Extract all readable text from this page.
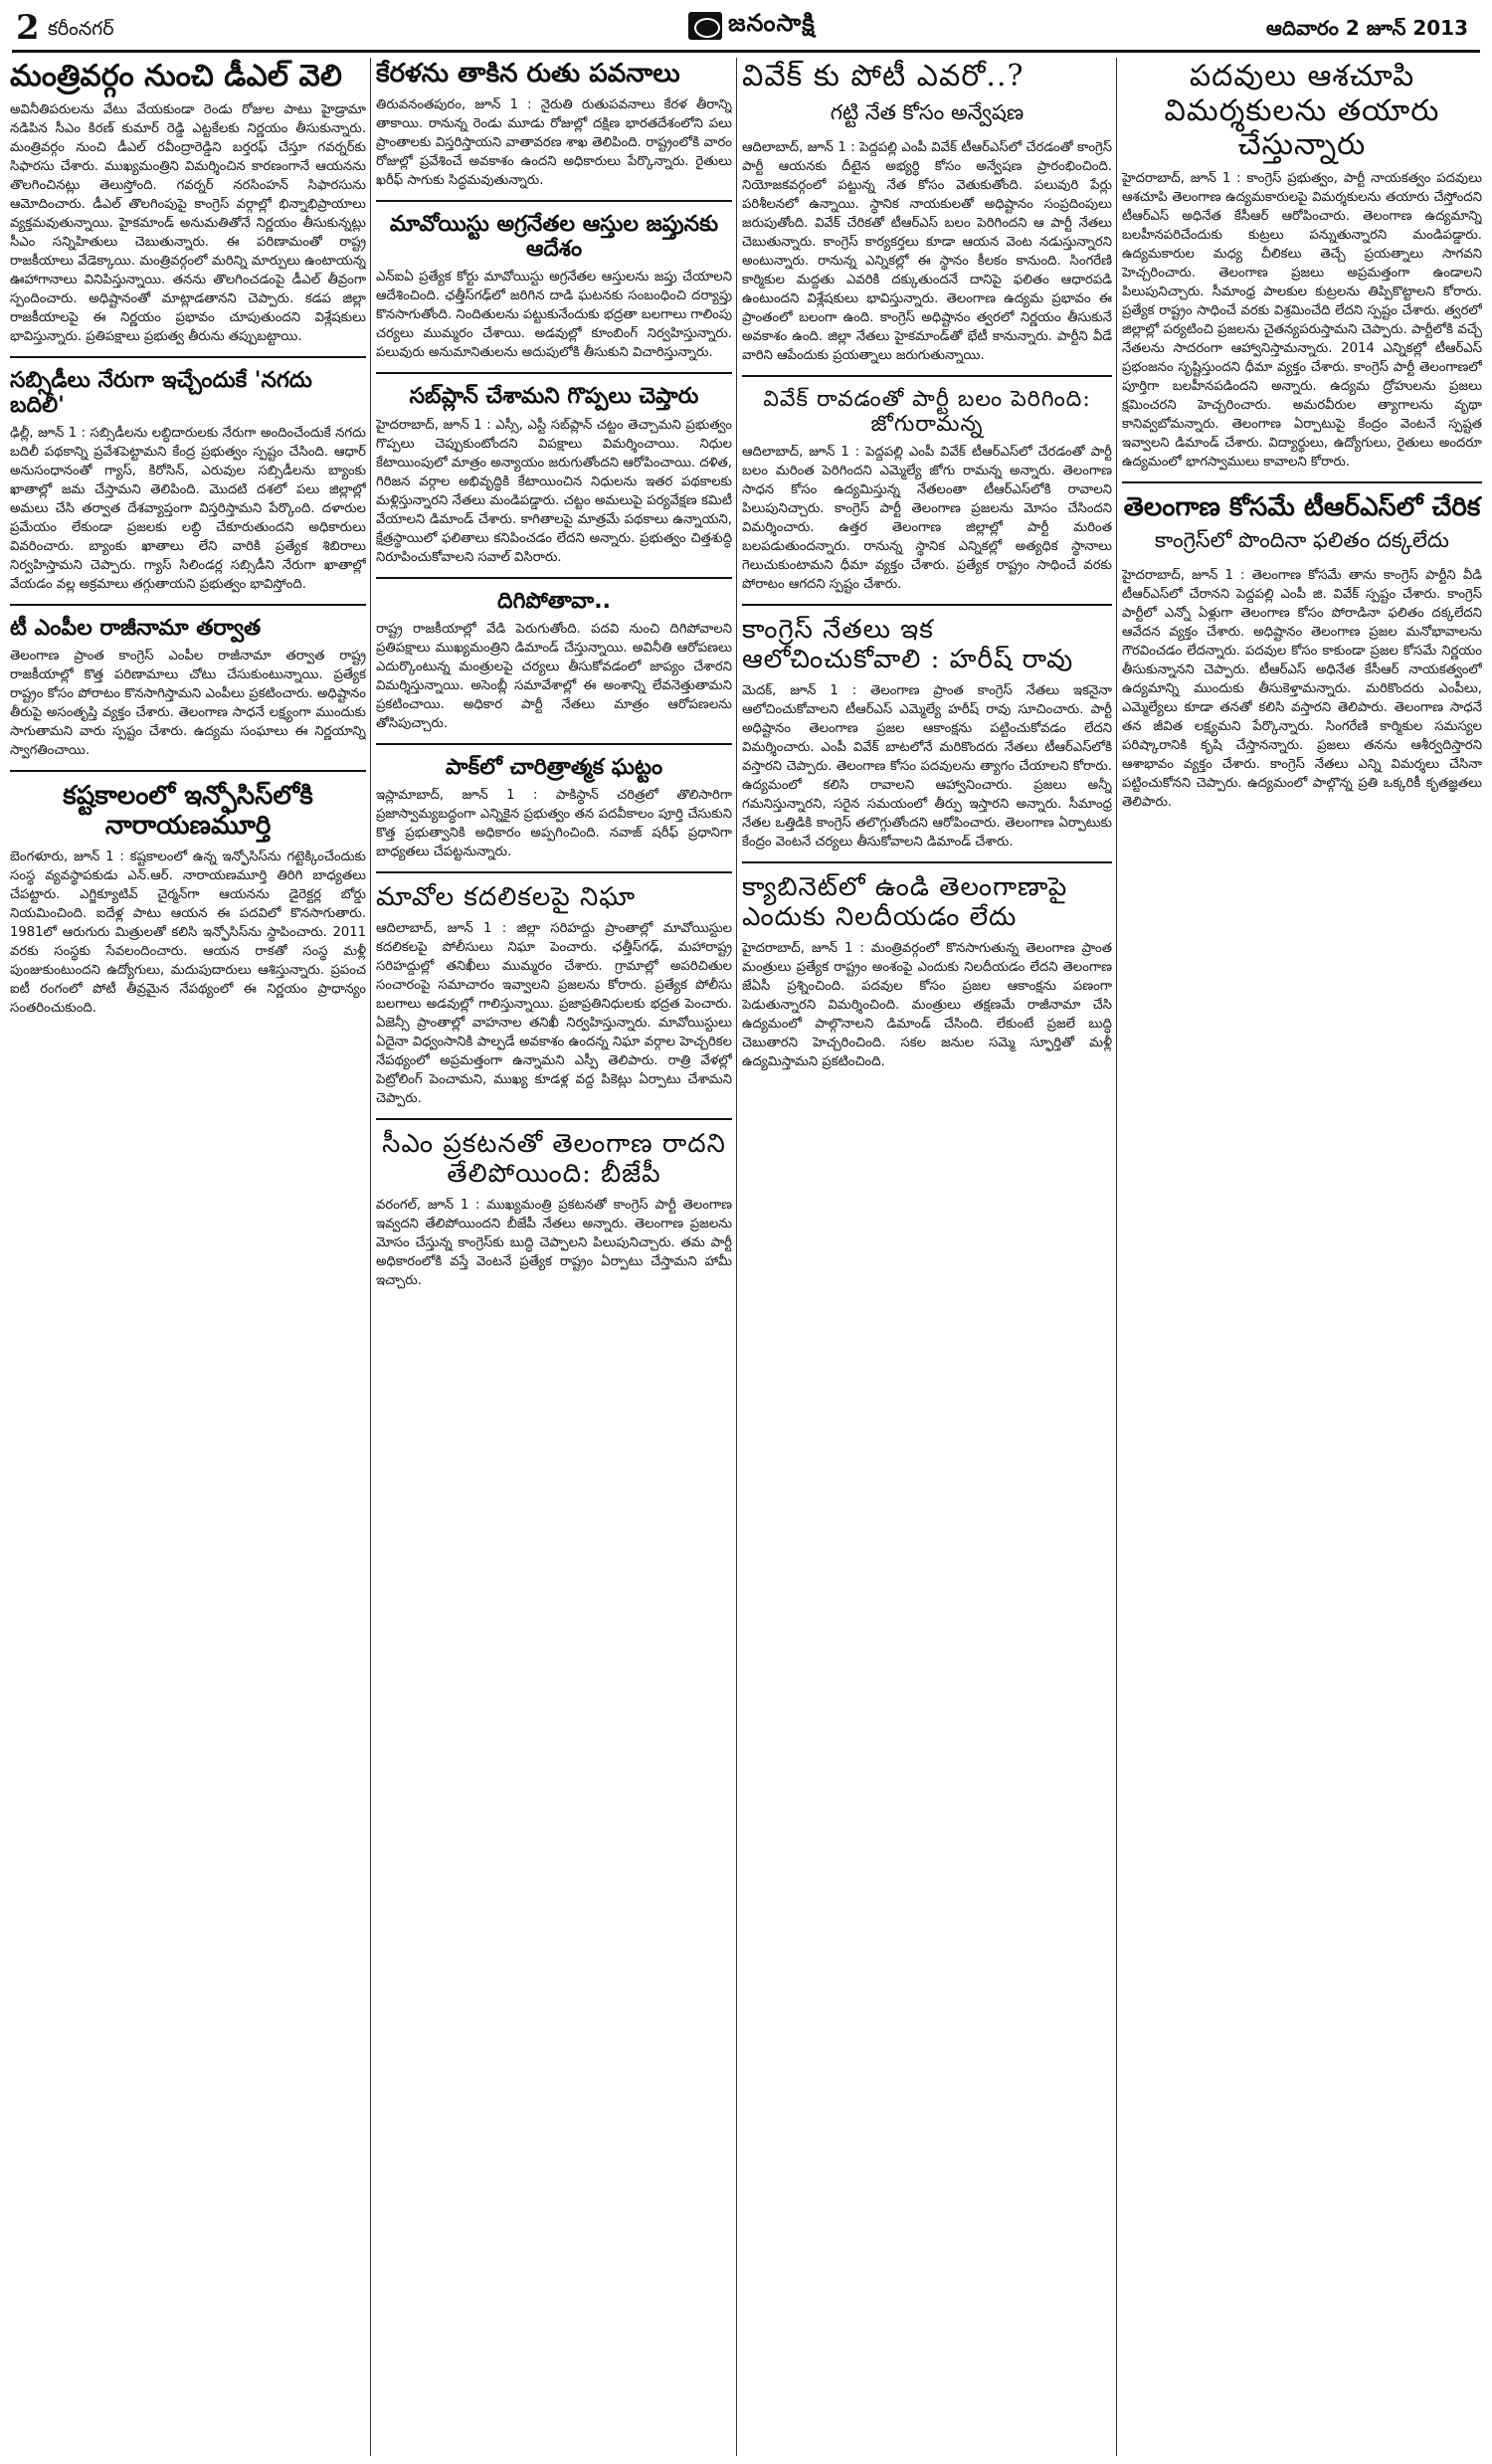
2 కరీంనగర్	జనంసాక్షి	ఆదివారం 2 జూన్ 2013
మంత్రివర్గం నుంచి డీఎల్ వెలి

అవినీతిపరులను వేటు వేయకుండా రెండు రోజుల పాటు హైడ్రామా నడిపిన సీఎం కిరణ్ కుమార్ రెడ్డి ఎట్టకేలకు నిర్ణయం తీసుకున్నారు. మంత్రివర్గం నుంచి డీఎల్ రవీంద్రారెడ్డిని బర్తరఫ్ చేస్తూ గవర్నర్‌కు సిఫారసు చేశారు. ముఖ్యమంత్రిని విమర్శించిన కారణంగానే ఆయనను తొలగించినట్లు తెలుస్తోంది. గవర్నర్ నరసింహన్ సిఫారసును ఆమోదించారు. డీఎల్ తొలగింపుపై కాంగ్రెస్ వర్గాల్లో భిన్నాభిప్రాయాలు వ్యక్తమవుతున్నాయి. హైకమాండ్ అనుమతితోనే నిర్ణయం తీసుకున్నట్లు సీఎం సన్నిహితులు చెబుతున్నారు. ఈ పరిణామంతో రాష్ట్ర రాజకీయాలు వేడెక్కాయి. మంత్రివర్గంలో మరిన్ని మార్పులు ఉంటాయన్న ఊహాగానాలు వినిపిస్తున్నాయి. తనను తొలగించడంపై డీఎల్ తీవ్రంగా స్పందించారు. అధిష్టానంతో మాట్లాడతానని చెప్పారు. కడప జిల్లా రాజకీయాలపై ఈ నిర్ణయం ప్రభావం చూపుతుందని విశ్లేషకులు భావిస్తున్నారు. ప్రతిపక్షాలు ప్రభుత్వ తీరును తప్పుబట్టాయి.

సబ్సిడీలు నేరుగా ఇచ్చేందుకే 'నగదు బదిలీ'

ఢిల్లీ, జూన్ 1 : సబ్సిడీలను లబ్ధిదారులకు నేరుగా అందించేందుకే నగదు బదిలీ పథకాన్ని ప్రవేశపెట్టామని కేంద్ర ప్రభుత్వం స్పష్టం చేసింది. ఆధార్ అనుసంధానంతో గ్యాస్, కిరోసిన్, ఎరువుల సబ్సిడీలను బ్యాంకు ఖాతాల్లో జమ చేస్తామని తెలిపింది. మొదటి దశలో పలు జిల్లాల్లో అమలు చేసి తర్వాత దేశవ్యాప్తంగా విస్తరిస్తామని పేర్కొంది. దళారుల ప్రమేయం లేకుండా ప్రజలకు లబ్ధి చేకూరుతుందని అధికారులు వివరించారు. బ్యాంకు ఖాతాలు లేని వారికి ప్రత్యేక శిబిరాలు నిర్వహిస్తామని చెప్పారు. గ్యాస్ సిలిండర్ల సబ్సిడీని నేరుగా ఖాతాల్లో వేయడం వల్ల అక్రమాలు తగ్గుతాయని ప్రభుత్వం భావిస్తోంది.

టీ ఎంపీల రాజీనామా తర్వాత

తెలంగాణ ప్రాంత కాంగ్రెస్ ఎంపీల రాజీనామా తర్వాత రాష్ట్ర రాజకీయాల్లో కొత్త పరిణామాలు చోటు చేసుకుంటున్నాయి. ప్రత్యేక రాష్ట్రం కోసం పోరాటం కొనసాగిస్తామని ఎంపీలు ప్రకటించారు. అధిష్టానం తీరుపై అసంతృప్తి వ్యక్తం చేశారు. తెలంగాణ సాధనే లక్ష్యంగా ముందుకు సాగుతామని వారు స్పష్టం చేశారు. ఉద్యమ సంఘాలు ఈ నిర్ణయాన్ని స్వాగతించాయి.

కష్టకాలంలో ఇన్ఫోసిస్‌లోకి నారాయణమూర్తి

బెంగళూరు, జూన్ 1 : కష్టకాలంలో ఉన్న ఇన్ఫోసిస్‌ను గట్టెక్కించేందుకు సంస్థ వ్యవస్థాపకుడు ఎన్.ఆర్. నారాయణమూర్తి తిరిగి బాధ్యతలు చేపట్టారు. ఎగ్జిక్యూటివ్ చైర్మన్‌గా ఆయనను డైరెక్టర్ల బోర్డు నియమించింది. ఐదేళ్ల పాటు ఆయన ఈ పదవిలో కొనసాగుతారు. 1981లో ఆరుగురు మిత్రులతో కలిసి ఇన్ఫోసిస్‌ను స్థాపించారు. 2011 వరకు సంస్థకు సేవలందించారు. ఆయన రాకతో సంస్థ మళ్లీ పుంజుకుంటుందని ఉద్యోగులు, మదుపుదారులు ఆశిస్తున్నారు. ప్రపంచ ఐటీ రంగంలో పోటీ తీవ్రమైన నేపథ్యంలో ఈ నిర్ణయం ప్రాధాన్యం సంతరించుకుంది.

కేరళను తాకిన రుతు పవనాలు

తిరువనంతపురం, జూన్ 1 : నైరుతి రుతుపవనాలు కేరళ తీరాన్ని తాకాయి. రానున్న రెండు మూడు రోజుల్లో దక్షిణ భారతదేశంలోని పలు ప్రాంతాలకు విస్తరిస్తాయని వాతావరణ శాఖ తెలిపింది. రాష్ట్రంలోకి వారం రోజుల్లో ప్రవేశించే అవకాశం ఉందని అధికారులు పేర్కొన్నారు. రైతులు ఖరీఫ్ సాగుకు సిద్ధమవుతున్నారు.

మావోయిస్టు అగ్రనేతల ఆస్తుల జప్తునకు ఆదేశం

ఎన్ఐఏ ప్రత్యేక కోర్టు మావోయిస్టు అగ్రనేతల ఆస్తులను జప్తు చేయాలని ఆదేశించింది. ఛత్తీస్‌గఢ్‌లో జరిగిన దాడి ఘటనకు సంబంధించి దర్యాప్తు కొనసాగుతోంది. నిందితులను పట్టుకునేందుకు భద్రతా బలగాలు గాలింపు చర్యలు ముమ్మరం చేశాయి. అడవుల్లో కూంబింగ్ నిర్వహిస్తున్నారు. పలువురు అనుమానితులను అదుపులోకి తీసుకుని విచారిస్తున్నారు.

సబ్‌ప్లాన్ చేశామని గొప్పలు చెప్తారు

హైదరాబాద్, జూన్ 1 : ఎస్సీ, ఎస్టీ సబ్‌ప్లాన్ చట్టం తెచ్చామని ప్రభుత్వం గొప్పలు చెప్పుకుంటోందని విపక్షాలు విమర్శించాయి. నిధుల కేటాయింపులో మాత్రం అన్యాయం జరుగుతోందని ఆరోపించాయి. దళిత, గిరిజన వర్గాల అభివృద్ధికి కేటాయించిన నిధులను ఇతర పథకాలకు మళ్లిస్తున్నారని నేతలు మండిపడ్డారు. చట్టం అమలుపై పర్యవేక్షణ కమిటీ వేయాలని డిమాండ్ చేశారు. కాగితాలపై మాత్రమే పథకాలు ఉన్నాయని, క్షేత్రస్థాయిలో ఫలితాలు కనిపించడం లేదని అన్నారు. ప్రభుత్వం చిత్తశుద్ధి నిరూపించుకోవాలని సవాల్ విసిరారు.

దిగిపోతావా..

రాష్ట్ర రాజకీయాల్లో వేడి పెరుగుతోంది. పదవి నుంచి దిగిపోవాలని ప్రతిపక్షాలు ముఖ్యమంత్రిని డిమాండ్ చేస్తున్నాయి. అవినీతి ఆరోపణలు ఎదుర్కొంటున్న మంత్రులపై చర్యలు తీసుకోవడంలో జాప్యం చేశారని విమర్శిస్తున్నాయి. అసెంబ్లీ సమావేశాల్లో ఈ అంశాన్ని లేవనెత్తుతామని ప్రకటించాయి. అధికార పార్టీ నేతలు మాత్రం ఆరోపణలను తోసిపుచ్చారు.

పాక్‌లో చారిత్రాత్మక ఘట్టం

ఇస్లామాబాద్, జూన్ 1 : పాకిస్థాన్ చరిత్రలో తొలిసారిగా ప్రజాస్వామ్యబద్ధంగా ఎన్నికైన ప్రభుత్వం తన పదవీకాలం పూర్తి చేసుకుని కొత్త ప్రభుత్వానికి అధికారం అప్పగించింది. నవాజ్ షరీఫ్ ప్రధానిగా బాధ్యతలు చేపట్టనున్నారు.

మావోల కదలికలపై నిఘా

ఆదిలాబాద్, జూన్ 1 : జిల్లా సరిహద్దు ప్రాంతాల్లో మావోయిస్టుల కదలికలపై పోలీసులు నిఘా పెంచారు. ఛత్తీస్‌గఢ్, మహారాష్ట్ర సరిహద్దుల్లో తనిఖీలు ముమ్మరం చేశారు. గ్రామాల్లో అపరిచితుల సంచారంపై సమాచారం ఇవ్వాలని ప్రజలను కోరారు. ప్రత్యేక పోలీసు బలగాలు అడవుల్లో గాలిస్తున్నాయి. ప్రజాప్రతినిధులకు భద్రత పెంచారు. ఏజెన్సీ ప్రాంతాల్లో వాహనాల తనిఖీ నిర్వహిస్తున్నారు. మావోయిస్టులు ఏదైనా విధ్వంసానికి పాల్పడే అవకాశం ఉందన్న నిఘా వర్గాల హెచ్చరికల నేపథ్యంలో అప్రమత్తంగా ఉన్నామని ఎస్పీ తెలిపారు. రాత్రి వేళల్లో పెట్రోలింగ్ పెంచామని, ముఖ్య కూడళ్ల వద్ద పికెట్లు ఏర్పాటు చేశామని చెప్పారు.

సీఎం ప్రకటనతో తెలంగాణ రాదని తేలిపోయింది: బీజేపీ

వరంగల్, జూన్ 1 : ముఖ్యమంత్రి ప్రకటనతో కాంగ్రెస్ పార్టీ తెలంగాణ ఇవ్వదని తేలిపోయిందని బీజేపీ నేతలు అన్నారు. తెలంగాణ ప్రజలను మోసం చేస్తున్న కాంగ్రెస్‌కు బుద్ధి చెప్పాలని పిలుపునిచ్చారు. తమ పార్టీ అధికారంలోకి వస్తే వెంటనే ప్రత్యేక రాష్ట్రం ఏర్పాటు చేస్తామని హామీ ఇచ్చారు.

వివేక్ కు పోటీ ఎవరో..?

గట్టి నేత కోసం అన్వేషణ

ఆదిలాబాద్, జూన్ 1 : పెద్దపల్లి ఎంపీ వివేక్ టీఆర్‌ఎస్‌లో చేరడంతో కాంగ్రెస్ పార్టీ ఆయనకు దీటైన అభ్యర్థి కోసం అన్వేషణ ప్రారంభించింది. నియోజకవర్గంలో పట్టున్న నేత కోసం వెతుకుతోంది. పలువురి పేర్లు పరిశీలనలో ఉన్నాయి. స్థానిక నాయకులతో అధిష్టానం సంప్రదింపులు జరుపుతోంది. వివేక్ చేరికతో టీఆర్‌ఎస్ బలం పెరిగిందని ఆ పార్టీ నేతలు చెబుతున్నారు. కాంగ్రెస్ కార్యకర్తలు కూడా ఆయన వెంట నడుస్తున్నారని అంటున్నారు. రానున్న ఎన్నికల్లో ఈ స్థానం కీలకం కానుంది. సింగరేణి కార్మికుల మద్దతు ఎవరికి దక్కుతుందనే దానిపై ఫలితం ఆధారపడి ఉంటుందని విశ్లేషకులు భావిస్తున్నారు. తెలంగాణ ఉద్యమ ప్రభావం ఈ ప్రాంతంలో బలంగా ఉంది. కాంగ్రెస్ అధిష్టానం త్వరలో నిర్ణయం తీసుకునే అవకాశం ఉంది. జిల్లా నేతలు హైకమాండ్‌తో భేటీ కానున్నారు. పార్టీని వీడే వారిని ఆపేందుకు ప్రయత్నాలు జరుగుతున్నాయి.

వివేక్ రావడంతో పార్టీ బలం పెరిగింది: జోగురామన్న

ఆదిలాబాద్, జూన్ 1 : పెద్దపల్లి ఎంపీ వివేక్ టీఆర్‌ఎస్‌లో చేరడంతో పార్టీ బలం మరింత పెరిగిందని ఎమ్మెల్యే జోగు రామన్న అన్నారు. తెలంగాణ సాధన కోసం ఉద్యమిస్తున్న నేతలంతా టీఆర్‌ఎస్‌లోకి రావాలని పిలుపునిచ్చారు. కాంగ్రెస్ పార్టీ తెలంగాణ ప్రజలను మోసం చేసిందని విమర్శించారు. ఉత్తర తెలంగాణ జిల్లాల్లో పార్టీ మరింత బలపడుతుందన్నారు. రానున్న స్థానిక ఎన్నికల్లో అత్యధిక స్థానాలు గెలుచుకుంటామని ధీమా వ్యక్తం చేశారు. ప్రత్యేక రాష్ట్రం సాధించే వరకు పోరాటం ఆగదని స్పష్టం చేశారు.

కాంగ్రెస్ నేతలు ఇక ఆలోచించుకోవాలి : హరీష్ రావు

మెదక్, జూన్ 1 : తెలంగాణ ప్రాంత కాంగ్రెస్ నేతలు ఇకనైనా ఆలోచించుకోవాలని టీఆర్‌ఎస్ ఎమ్మెల్యే హరీష్ రావు సూచించారు. పార్టీ అధిష్టానం తెలంగాణ ప్రజల ఆకాంక్షను పట్టించుకోవడం లేదని విమర్శించారు. ఎంపీ వివేక్ బాటలోనే మరికొందరు నేతలు టీఆర్‌ఎస్‌లోకి వస్తారని చెప్పారు. తెలంగాణ కోసం పదవులను త్యాగం చేయాలని కోరారు. ఉద్యమంలో కలిసి రావాలని ఆహ్వానించారు. ప్రజలు అన్నీ గమనిస్తున్నారని, సరైన సమయంలో తీర్పు ఇస్తారని అన్నారు. సీమాంధ్ర నేతల ఒత్తిడికి కాంగ్రెస్ తలొగ్గుతోందని ఆరోపించారు. తెలంగాణ ఏర్పాటుకు కేంద్రం వెంటనే చర్యలు తీసుకోవాలని డిమాండ్ చేశారు.

క్యాబినెట్‌లో ఉండి తెలంగాణాపై ఎందుకు నిలదీయడం లేదు

హైదరాబాద్, జూన్ 1 : మంత్రివర్గంలో కొనసాగుతున్న తెలంగాణ ప్రాంత మంత్రులు ప్రత్యేక రాష్ట్రం అంశంపై ఎందుకు నిలదీయడం లేదని తెలంగాణ జేఏసీ ప్రశ్నించింది. పదవుల కోసం ప్రజల ఆకాంక్షను పణంగా పెడుతున్నారని విమర్శించింది. మంత్రులు తక్షణమే రాజీనామా చేసి ఉద్యమంలో పాల్గొనాలని డిమాండ్ చేసింది. లేకుంటే ప్రజలే బుద్ధి చెబుతారని హెచ్చరించింది. సకల జనుల సమ్మె స్ఫూర్తితో మళ్లీ ఉద్యమిస్తామని ప్రకటించింది.

పదవులు ఆశచూపి విమర్శకులను తయారు చేస్తున్నారు

హైదరాబాద్, జూన్ 1 : కాంగ్రెస్ ప్రభుత్వం, పార్టీ నాయకత్వం పదవులు ఆశచూపి తెలంగాణ ఉద్యమకారులపై విమర్శకులను తయారు చేస్తోందని టీఆర్‌ఎస్ అధినేత కేసీఆర్ ఆరోపించారు. తెలంగాణ ఉద్యమాన్ని బలహీనపరిచేందుకు కుట్రలు పన్నుతున్నారని మండిపడ్డారు. ఉద్యమకారుల మధ్య చీలికలు తెచ్చే ప్రయత్నాలు సాగవని హెచ్చరించారు. తెలంగాణ ప్రజలు అప్రమత్తంగా ఉండాలని పిలుపునిచ్చారు. సీమాంధ్ర పాలకుల కుట్రలను తిప్పికొట్టాలని కోరారు. ప్రత్యేక రాష్ట్రం సాధించే వరకు విశ్రమించేది లేదని స్పష్టం చేశారు. త్వరలో జిల్లాల్లో పర్యటించి ప్రజలను చైతన్యపరుస్తామని చెప్పారు. పార్టీలోకి వచ్చే నేతలను సాదరంగా ఆహ్వానిస్తామన్నారు. 2014 ఎన్నికల్లో టీఆర్‌ఎస్ ప్రభంజనం సృష్టిస్తుందని ధీమా వ్యక్తం చేశారు. కాంగ్రెస్ పార్టీ తెలంగాణలో పూర్తిగా బలహీనపడిందని అన్నారు. ఉద్యమ ద్రోహులను ప్రజలు క్షమించరని హెచ్చరించారు. అమరవీరుల త్యాగాలను వృథా కానివ్వబోమన్నారు. తెలంగాణ ఏర్పాటుపై కేంద్రం వెంటనే స్పష్టత ఇవ్వాలని డిమాండ్ చేశారు. విద్యార్థులు, ఉద్యోగులు, రైతులు అందరూ ఉద్యమంలో భాగస్వాములు కావాలని కోరారు.

తెలంగాణ కోసమే టీఆర్‌ఎస్‌లో చేరిక

కాంగ్రెస్‌లో పొందినా ఫలితం దక్కలేదు

హైదరాబాద్, జూన్ 1 : తెలంగాణ కోసమే తాను కాంగ్రెస్ పార్టీని వీడి టీఆర్‌ఎస్‌లో చేరానని పెద్దపల్లి ఎంపీ జి. వివేక్ స్పష్టం చేశారు. కాంగ్రెస్ పార్టీలో ఎన్నో ఏళ్లుగా తెలంగాణ కోసం పోరాడినా ఫలితం దక్కలేదని ఆవేదన వ్యక్తం చేశారు. అధిష్టానం తెలంగాణ ప్రజల మనోభావాలను గౌరవించడం లేదన్నారు. పదవుల కోసం కాకుండా ప్రజల కోసమే నిర్ణయం తీసుకున్నానని చెప్పారు. టీఆర్‌ఎస్ అధినేత కేసీఆర్ నాయకత్వంలో ఉద్యమాన్ని ముందుకు తీసుకెళ్తామన్నారు. మరికొందరు ఎంపీలు, ఎమ్మెల్యేలు కూడా తనతో కలిసి వస్తారని తెలిపారు. తెలంగాణ సాధనే తన జీవిత లక్ష్యమని పేర్కొన్నారు. సింగరేణి కార్మికుల సమస్యల పరిష్కారానికి కృషి చేస్తానన్నారు. ప్రజలు తనను ఆశీర్వదిస్తారని ఆశాభావం వ్యక్తం చేశారు. కాంగ్రెస్ నేతలు ఎన్ని విమర్శలు చేసినా పట్టించుకోనని చెప్పారు. ఉద్యమంలో పాల్గొన్న ప్రతి ఒక్కరికీ కృతజ్ఞతలు తెలిపారు.
